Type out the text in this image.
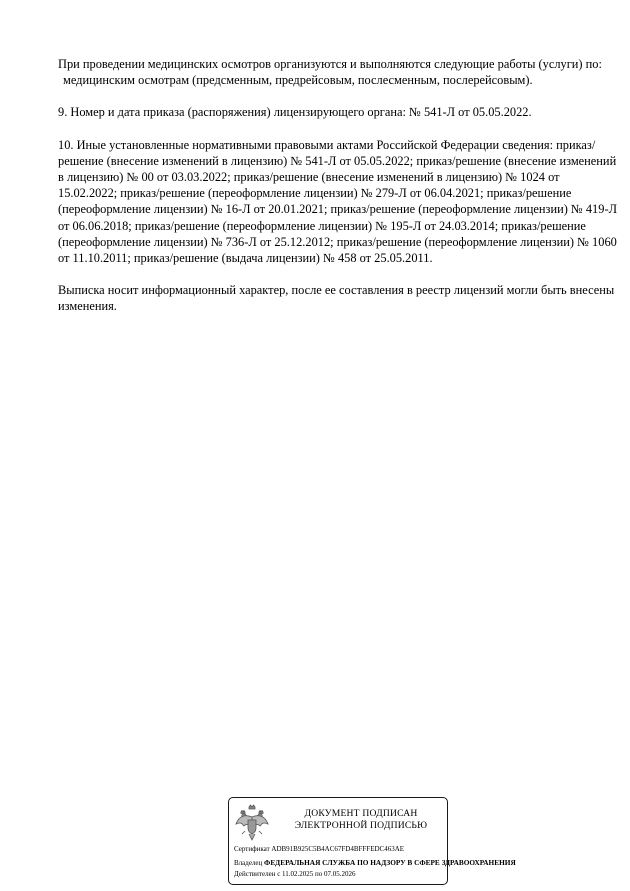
При проведении медицинских осмотров организуются и выполняются следующие работы (услуги) по:
медицинским осмотрам (предсменным, предрейсовым, послесменным, послерейсовым).

9. Номер и дата приказа (распоряжения) лицензирующего органа: № 541-Л от 05.05.2022.

10. Иные установленные нормативными правовыми актами Российской Федерации сведения: приказ/решение (внесение изменений в лицензию) № 541-Л от 05.05.2022; приказ/решение (внесение изменений в лицензию) № 00 от 03.03.2022; приказ/решение (внесение изменений в лицензию) № 1024 от 15.02.2022; приказ/решение (переоформление лицензии) № 279-Л от 06.04.2021; приказ/решение (переоформление лицензии) № 16-Л от 20.01.2021; приказ/решение (переоформление лицензии) № 419-Л от 06.06.2018; приказ/решение (переоформление лицензии) № 195-Л от 24.03.2014; приказ/решение (переоформление лицензии) № 736-Л от 25.12.2012; приказ/решение (переоформление лицензии) № 1060 от 11.10.2011; приказ/решение (выдача лицензии) № 458 от 25.05.2011.

Выписка носит информационный характер, после ее составления в реестр лицензий могли быть внесены изменения.

ДОКУМЕНТ ПОДПИСАН
ЭЛЕКТРОННОЙ ПОДПИСЬЮ
Сертификат ADB91B925C5B4AC67FD4BFFFEDC463AE
Владелец ФЕДЕРАЛЬНАЯ СЛУЖБА ПО НАДЗОРУ В СФЕРЕ ЗДРАВООХРАНЕНИЯ
Действителен с 11.02.2025 по 07.05.2026
